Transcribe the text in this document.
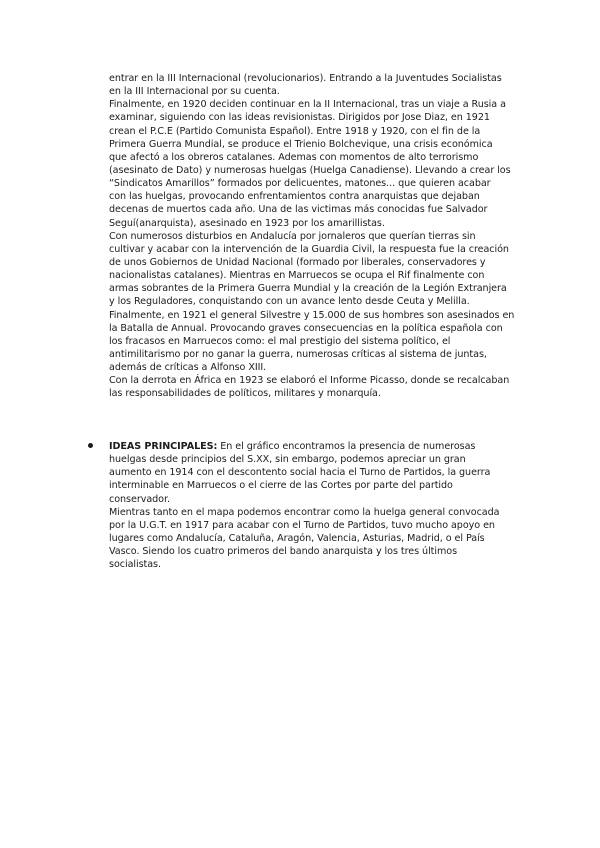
entrar en la III Internacional (revolucionarios). Entrando a la Juventudes Socialistas
en la III Internacional por su cuenta.
Finalmente, en 1920 deciden continuar en la II Internacional, tras un viaje a Rusia a
examinar, siguiendo con las ideas revisionistas. Dirigidos por Jose Diaz, en 1921
crean el P.C.E (Partido Comunista Español). Entre 1918 y 1920, con el fin de la
Primera Guerra Mundial, se produce el Trienio Bolchevique, una crisis económica
que afectó a los obreros catalanes. Ademas con momentos de alto terrorismo
(asesinato de Dato) y numerosas huelgas (Huelga Canadiense). Llevando a crear los
“Sindicatos Amarillos” formados por delicuentes, matones... que quieren acabar
con las huelgas, provocando enfrentamientos contra anarquistas que dejaban
decenas de muertos cada año. Una de las victimas más conocidas fue Salvador
Seguí(anarquista), asesinado en 1923 por los amarillistas.
Con numerosos disturbios en Andalucía por jornaleros que querían tierras sin
cultivar y acabar con la intervención de la Guardia Civil, la respuesta fue la creación
de unos Gobiernos de Unidad Nacional (formado por liberales, conservadores y
nacionalistas catalanes). Mientras en Marruecos se ocupa el Rif finalmente con
armas sobrantes de la Primera Guerra Mundial y la creación de la Legión Extranjera
y los Reguladores, conquistando con un avance lento desde Ceuta y Melilla.
Finalmente, en 1921 el general Silvestre y 15.000 de sus hombres son asesinados en
la Batalla de Annual. Provocando graves consecuencias en la política española con
los fracasos en Marruecos como: el mal prestigio del sistema político, el
antimilitarismo por no ganar la guerra, numerosas críticas al sistema de juntas,
además de críticas a Alfonso XIII.
Con la derrota en África en 1923 se elaboró el Informe Picasso, donde se recalcaban
las responsabilidades de políticos, militares y monarquía.
IDEAS PRINCIPALES: En el gráfico encontramos la presencia de numerosas
huelgas desde principios del S.XX, sin embargo, podemos apreciar un gran
aumento en 1914 con el descontento social hacia el Turno de Partidos, la guerra
interminable en Marruecos o el cierre de las Cortes por parte del partido
conservador.
Mientras tanto en el mapa podemos encontrar como la huelga general convocada
por la U.G.T. en 1917 para acabar con el Turno de Partidos, tuvo mucho apoyo en
lugares como Andalucía, Cataluña, Aragón, Valencia, Asturias, Madrid, o el País
Vasco. Siendo los cuatro primeros del bando anarquista y los tres últimos
socialistas.
